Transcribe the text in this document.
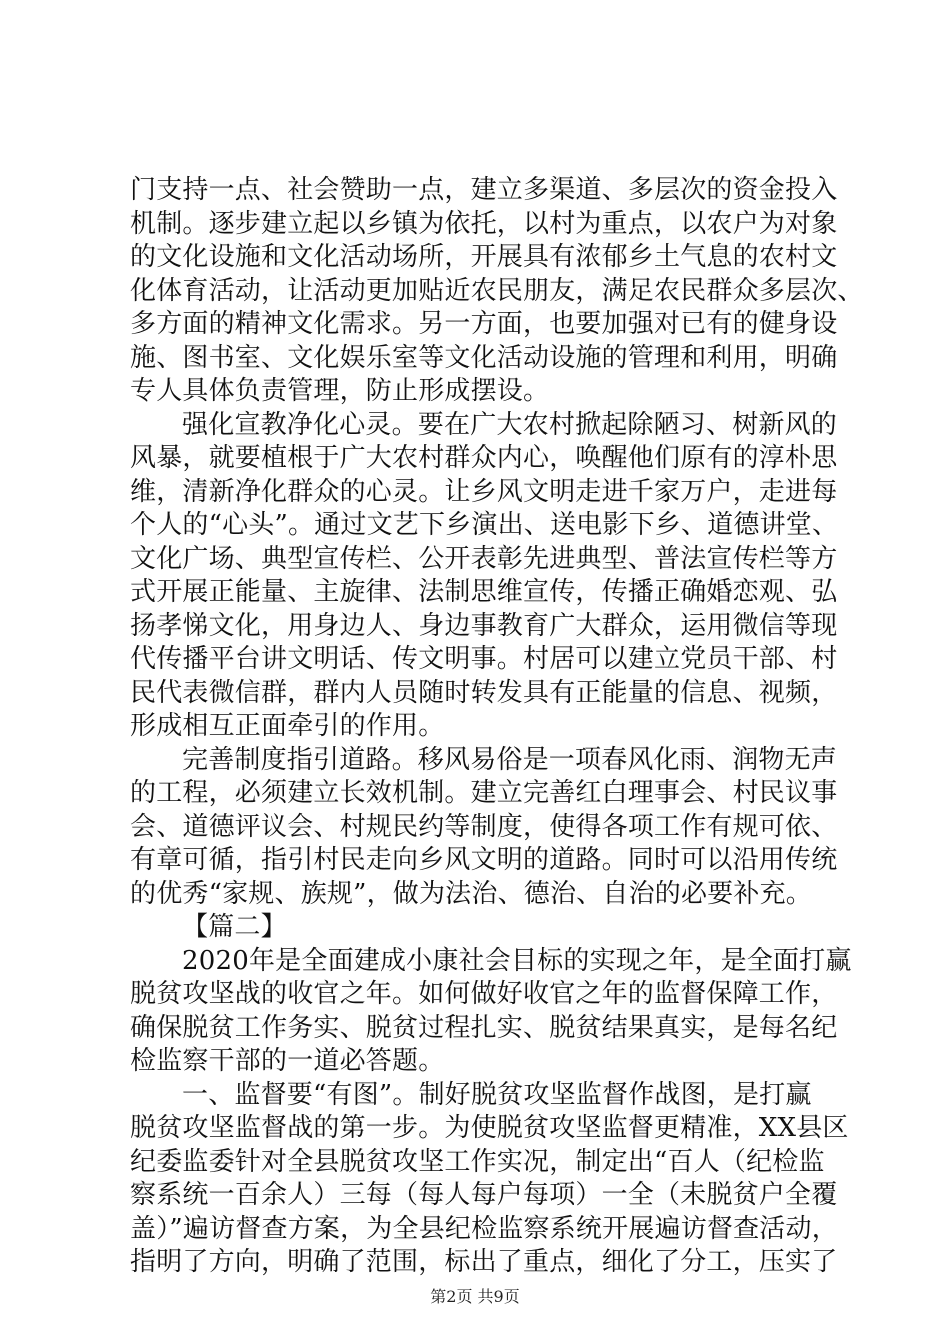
门支持一点、社会赞助一点，建立多渠道、多层次的资金投入
机制。逐步建立起以乡镇为依托，以村为重点，以农户为对象
的文化设施和文化活动场所，开展具有浓郁乡土气息的农村文
化体育活动，让活动更加贴近农民朋友，满足农民群众多层次、
多方面的精神文化需求。另一方面，也要加强对已有的健身设
施、图书室、文化娱乐室等文化活动设施的管理和利用，明确
专人具体负责管理，防止形成摆设。
强化宣教净化心灵。要在广大农村掀起除陋习、树新风的
风暴，就要植根于广大农村群众内心，唤醒他们原有的淳朴思
维，清新净化群众的心灵。让乡风文明走进千家万户，走进每
个人的“心头”。通过文艺下乡演出、送电影下乡、道德讲堂、
文化广场、典型宣传栏、公开表彰先进典型、普法宣传栏等方
式开展正能量、主旋律、法制思维宣传，传播正确婚恋观、弘
扬孝悌文化，用身边人、身边事教育广大群众，运用微信等现
代传播平台讲文明话、传文明事。村居可以建立党员干部、村
民代表微信群，群内人员随时转发具有正能量的信息、视频，
形成相互正面牵引的作用。
完善制度指引道路。移风易俗是一项春风化雨、润物无声
的工程，必须建立长效机制。建立完善红白理事会、村民议事
会、道德评议会、村规民约等制度，使得各项工作有规可依、
有章可循，指引村民走向乡风文明的道路。同时可以沿用传统
的优秀“家规、族规”，做为法治、德治、自治的必要补充。
【篇二】
2020年是全面建成小康社会目标的实现之年，是全面打赢
脱贫攻坚战的收官之年。如何做好收官之年的监督保障工作，
确保脱贫工作务实、脱贫过程扎实、脱贫结果真实，是每名纪
检监察干部的一道必答题。
一、监督要“有图”。制好脱贫攻坚监督作战图，是打赢
脱贫攻坚监督战的第一步。为使脱贫攻坚监督更精准，XX县区
纪委监委针对全县脱贫攻坚工作实况，制定出“百人（纪检监
察系统一百余人）三每（每人每户每项）一全（未脱贫户全覆
盖）”遍访督查方案，为全县纪检监察系统开展遍访督查活动，
指明了方向，明确了范围，标出了重点，细化了分工，压实了
第2页 共9页
